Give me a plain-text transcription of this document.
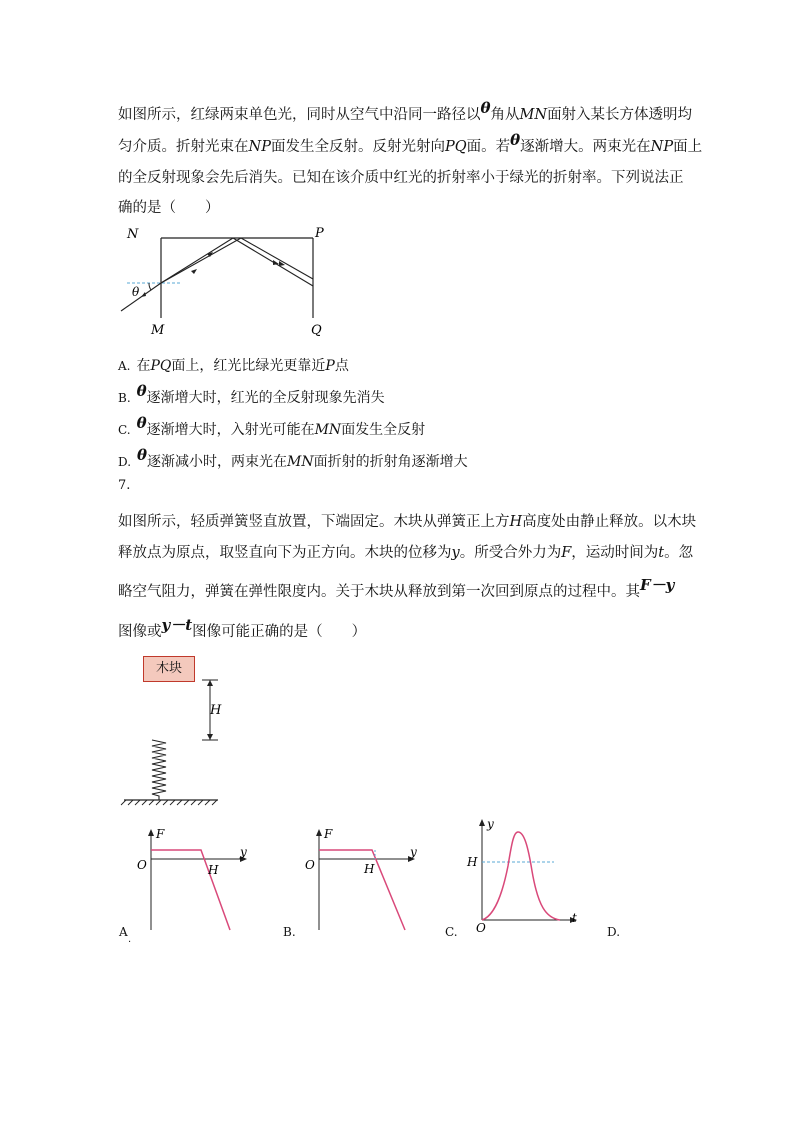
如图所示，红绿两束单色光，同时从空气中沿同一路径以θ角从MN面射入某长方体透明均
匀介质。折射光束在NP面发生全反射。反射光射向PQ面。若θ逐渐增大。两束光在NP面上
的全反射现象会先后消失。已知在该介质中红光的折射率小于绿光的折射率。下列说法正
确的是（　　）
N	P
M	Q
θ
A. 在PQ面上，红光比绿光更靠近P点
B. θ逐渐增大时，红光的全反射现象先消失
C. θ逐渐增大时，入射光可能在MN面发生全反射
D. θ逐渐减小时，两束光在MN面折射的折射角逐渐增大
7.
如图所示，轻质弹簧竖直放置，下端固定。木块从弹簧正上方H高度处由静止释放。以木块
释放点为原点，取竖直向下为正方向。木块的位移为y。所受合外力为F，运动时间为t。忽
略空气阻力，弹簧在弹性限度内。关于木块从释放到第一次回到原点的过程中。其F－y
图像或y－t图像可能正确的是（　　）
木块
H
F
O
y
H
A
F
O
y
H
B.
y
H
t
O
C.	D.
.
